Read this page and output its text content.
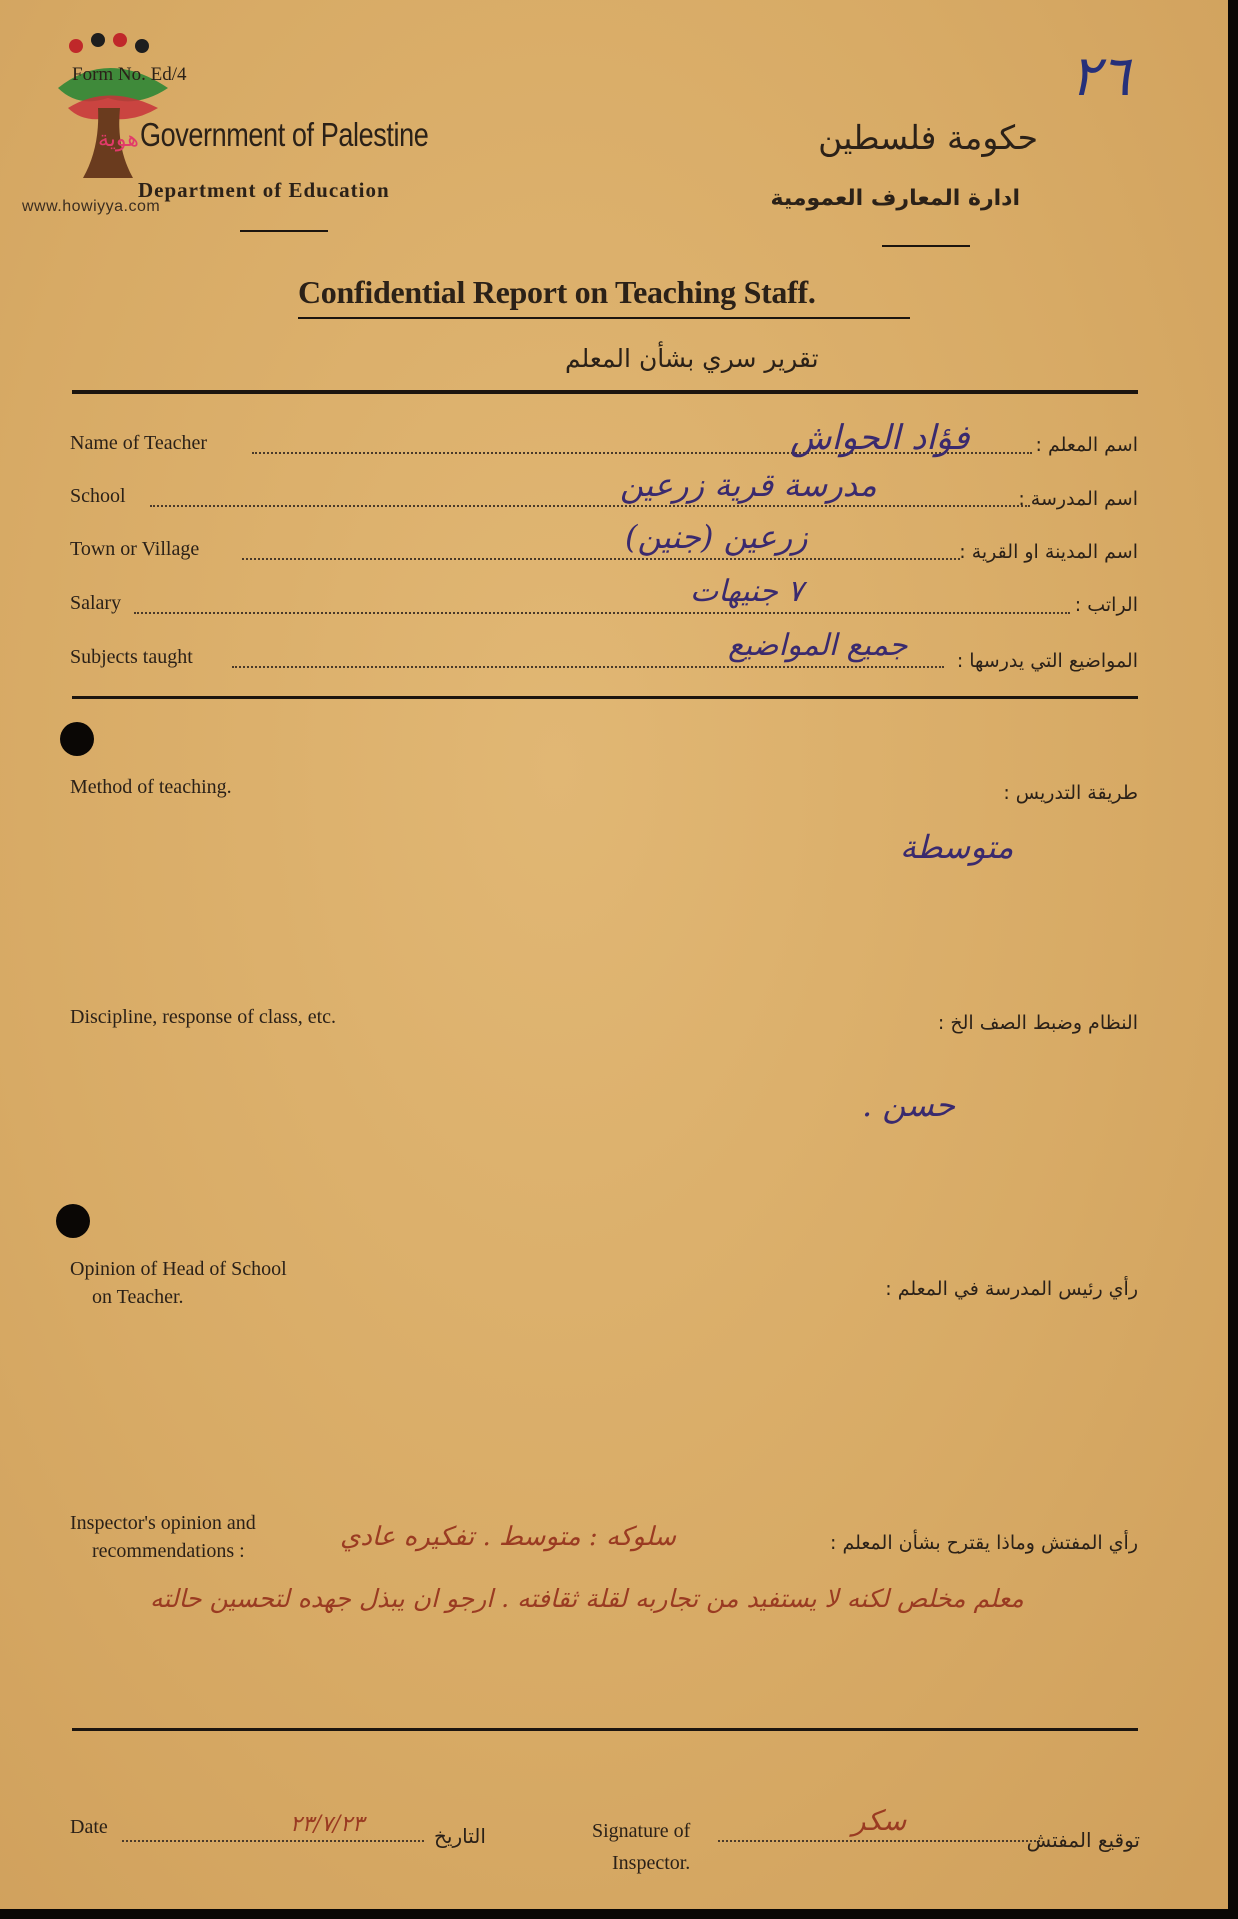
هوية
www.howiyya.com
Form No. Ed/4
Government of Palestine
Department of Education
حكومة فلسطين
ادارة المعارف العمومية
٢٦
Confidential Report on Teaching Staff.
تقرير سري بشأن المعلم
Name of Teacher	فؤاد الحواش	اسم المعلم :
School	مدرسة قرية زرعين	اسم المدرسة :
Town or Village	زرعين (جنين)	اسم المدينة او القرية :
Salary	٧ جنيهات	الراتب :
Subjects taught	جميع المواضيع	المواضيع التي يدرسها :
Method of teaching.	طريقة التدريس :
متوسطة
Discipline, response of class, etc.	النظام وضبط الصف الخ :
حسن .
Opinion of Head of School
on Teacher.	رأي رئيس المدرسة في المعلم :
Inspector's opinion and
recommendations :	رأي المفتش وماذا يقترح بشأن المعلم :
سلوكه : متوسط . تفكيره عادي
معلم مخلص لكنه لا يستفيد من تجاربه لقلة ثقافته . ارجو ان يبذل جهده لتحسين حالته
Date	٢٣/٧/٢٣	التاريخ	Signature of
Inspector.
سكر
توقيع المفتش
